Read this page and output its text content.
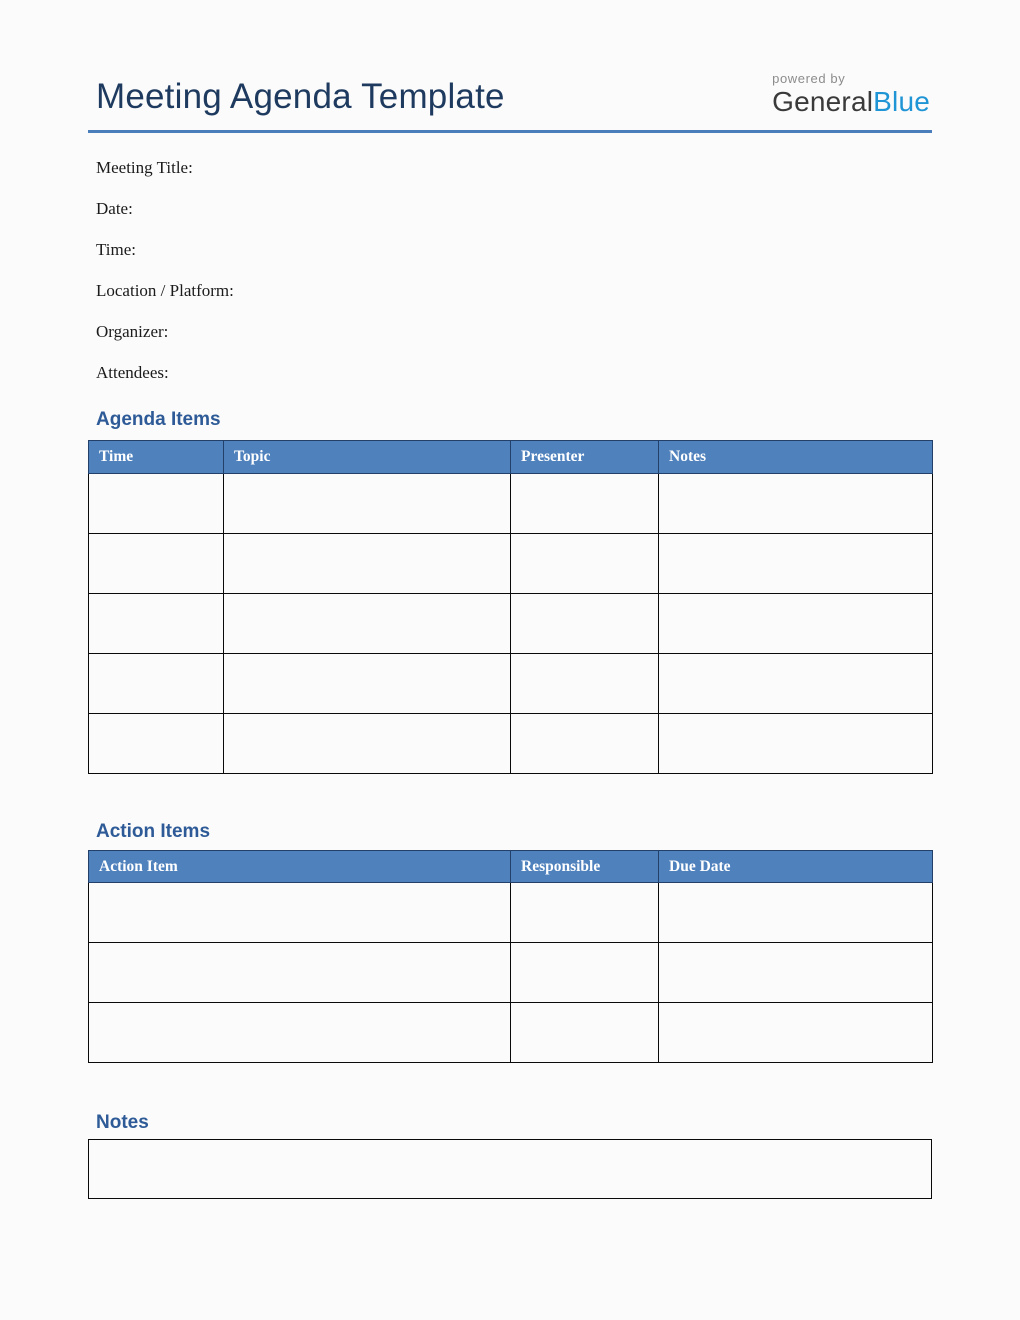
Meeting Agenda Template	powered by
GeneralBlue

Meeting Title:

Date:

Time:

Location / Platform:

Organizer:

Attendees:

Agenda Items
Time	Topic	Presenter	Notes

Action Items
Action Item	Responsible	Due Date

Notes
